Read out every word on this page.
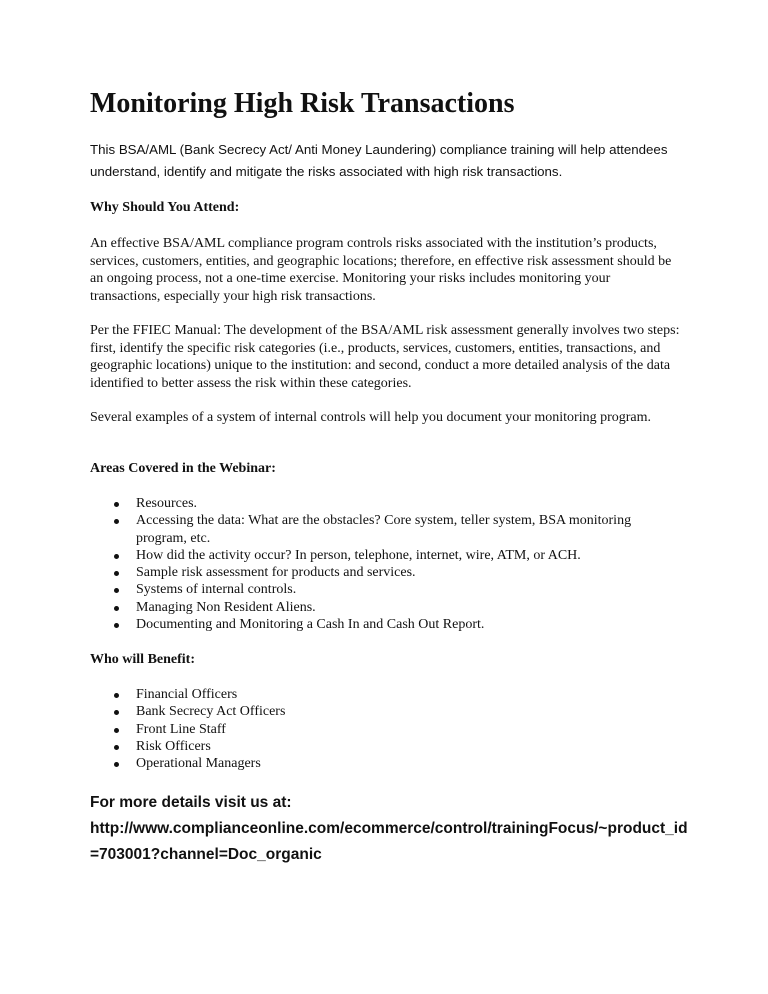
Monitoring High Risk Transactions

This BSA/AML (Bank Secrecy Act/ Anti Money Laundering) compliance training will help attendees understand, identify and mitigate the risks associated with high risk transactions.

Why Should You Attend:

An effective BSA/AML compliance program controls risks associated with the institution’s products, services, customers, entities, and geographic locations; therefore, en effective risk assessment should be an ongoing process, not a one-time exercise. Monitoring your risks includes monitoring your transactions, especially your high risk transactions.

Per the FFIEC Manual: The development of the BSA/AML risk assessment generally involves two steps: first, identify the specific risk categories (i.e., products, services, customers, entities, transactions, and geographic locations) unique to the institution: and second, conduct a more detailed analysis of the data identified to better assess the risk within these categories.

Several examples of a system of internal controls will help you document your monitoring program.

Areas Covered in the Webinar:

Resources.
Accessing the data: What are the obstacles? Core system, teller system, BSA monitoring program, etc.
How did the activity occur? In person, telephone, internet, wire, ATM, or ACH.
Sample risk assessment for products and services.
Systems of internal controls.
Managing Non Resident Aliens.
Documenting and Monitoring a Cash In and Cash Out Report.

Who will Benefit:

Financial Officers
Bank Secrecy Act Officers
Front Line Staff
Risk Officers
Operational Managers
For more details visit us at:
http://www.complianceonline.com/ecommerce/control/trainingFocus/~product_id=703001?channel=Doc_organic
